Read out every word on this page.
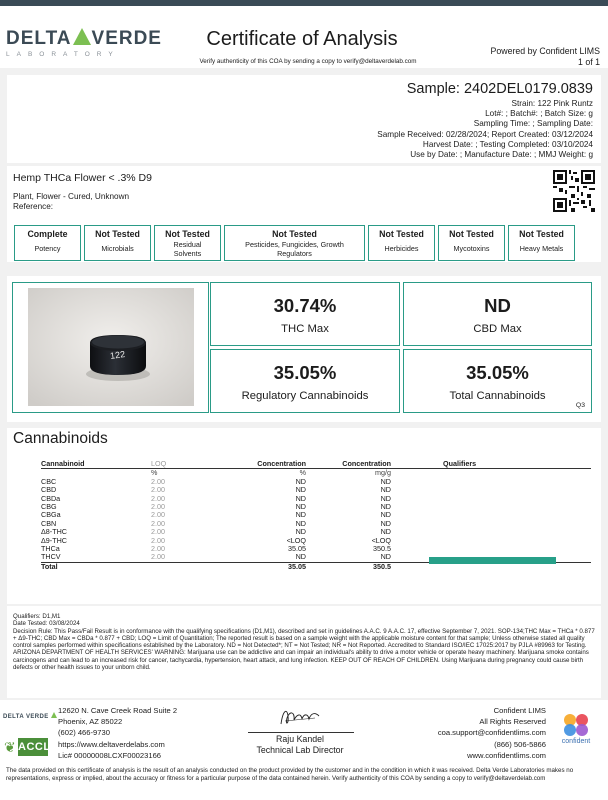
DELTA VERDE
LABORATORY
Certificate of Analysis
Verify authenticity of this COA by sending a copy to verify@deltaverdelab.com
Powered by Confident LIMS
1 of 1
Sample: 2402DEL0179.0839
Strain: 122 Pink Runtz
Lot#: ; Batch#: ; Batch Size: g
Sampling Time: ; Sampling Date:
Sample Received: 02/28/2024; Report Created: 03/12/2024
Harvest Date: ; Testing Completed: 03/10/2024
Use by Date: ; Manufacture Date: ; MMJ Weight: g
Hemp THCa Flower < .3% D9
Plant, Flower - Cured, Unknown
Reference:
Complete
Potency
Not Tested
Microbials
Not Tested
Residual Solvents
Not Tested
Pesticides, Fungicides, Growth Regulators
Not Tested
Herbicides
Not Tested
Mycotoxins
Not Tested
Heavy Metals
122
30.74%
THC Max
ND
CBD Max
35.05%
Regulatory Cannabinoids
35.05%
Total Cannabinoids
Q3
Cannabinoids
Cannabinoid	LOQ	Concentration	Concentration	Qualifiers
	%	%	mg/g	
CBC	2.00	ND	ND	
CBD	2.00	ND	ND	
CBDa	2.00	ND	ND	
CBG	2.00	ND	ND	
CBGa	2.00	ND	ND	
CBN	2.00	ND	ND	
Δ8-THC	2.00	ND	ND	
Δ9-THC	2.00	<LOQ	<LOQ	
THCa	2.00	35.05	350.5	
THCV	2.00	ND	ND	
Total		35.05	350.5	
Qualifiers: D1,M1
Date Tested: 03/08/2024
Decision Rule: This Pass/Fail Result is in conformance with the qualifying specifications (D1,M1), described and set in guidelines A.A.C. 9 A.A.C. 17, effective September 7, 2021. SOP-134;THC Max = THCa * 0.877 + Δ9-THC; CBD Max = CBDa * 0.877 + CBD; LOQ = Limit of Quantitation; The reported result is based on a sample weight with the applicable moisture content for that sample; Unless otherwise stated all quality control samples performed within specifications established by the Laboratory. ND = Not Detected*; NT = Not Tested; NR = Not Reported. Accredited to Standard ISO/IEC 17025:2017 by PJLA #89963 for Testing. ARIZONA DEPARTMENT OF HEALTH SERVICES' WARNING: Marijuana use can be addictive and can impair an individual's ability to drive a motor vehicle or operate heavy machinery. Marijuana smoke contains carcinogens and can lead to an increased risk for cancer, tachycardia, hypertension, heart attack, and lung infection. KEEP OUT OF REACH OF CHILDREN. Using Marijuana during pregnancy could cause birth defects or other health issues to your unborn child.
DELTA VERDE
❦ ACCL
12620 N. Cave Creek Road Suite 2
Phoenix, AZ 85022
(602) 466-9730
https://www.deltaverdelabs.com
Lic# 00000008LCXF00023166
Raju Kandel
Technical Lab Director
Confident LIMS
All Rights Reserved
coa.support@confidentlims.com
(866) 506-5866
www.confidentlims.com
confident
The data provided on this certificate of analysis is the result of an analysis conducted on the product provided by the customer and in the condition in which it was received. Delta Verde Laboratories makes no representations, express or implied, about the accuracy or fitness for a particular purpose of the data contained herein. Verify authenticity of this COA by sending a copy to verify@deltaverdelab.com
